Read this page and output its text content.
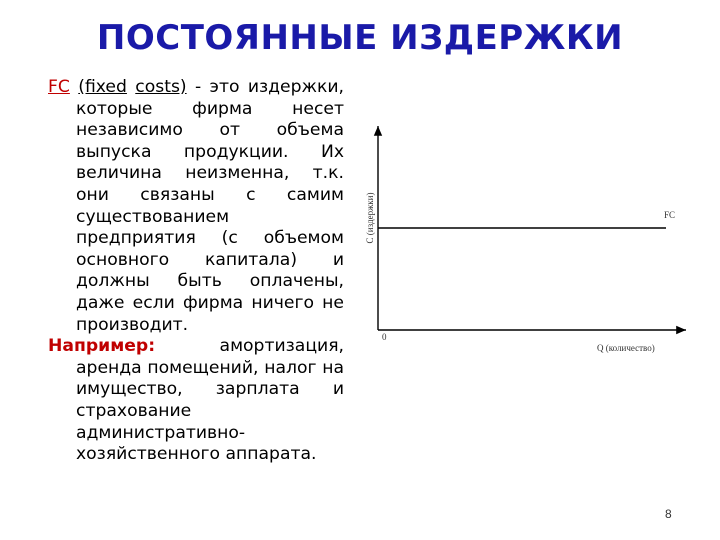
ПОСТОЯННЫЕ ИЗДЕРЖКИ

FC (fixed costs) - это издержки, которые фирма несет независимо от объема выпуска продукции. Их величина неизменна, т.к. они связаны с самим существованием предприятия (с объемом основного капитала) и должны быть оплачены, даже если фирма ничего не производит.

Например: амортизация, аренда помещений, налог на имущество, зарплата и страхование административно-хозяйственного аппарата.

С (издержки)
Q (количество)
0
FC
8
